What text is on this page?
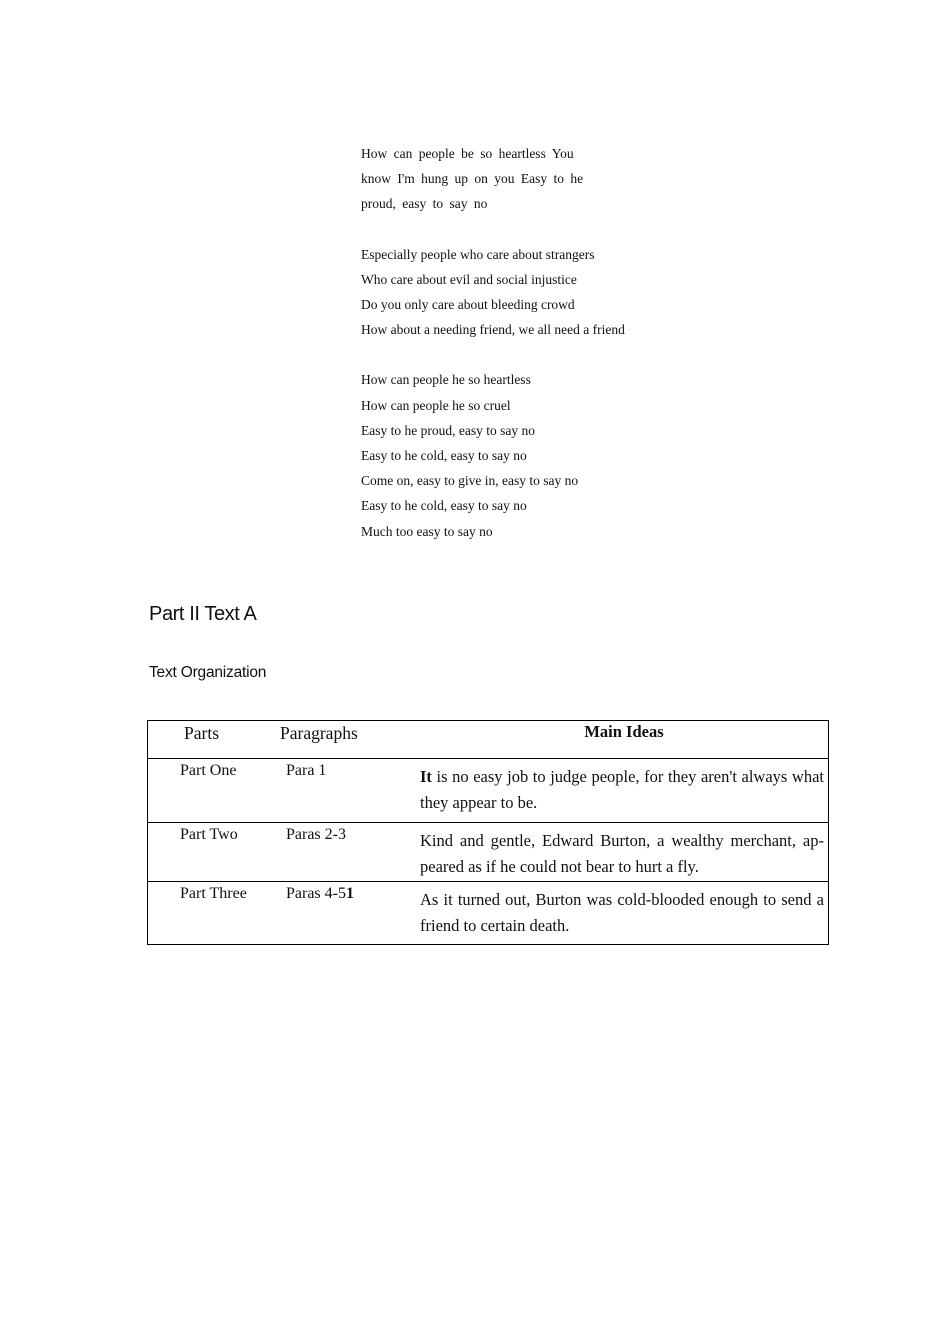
How can people be so heartless You
know I'm hung up on you Easy to he
proud, easy to say no
Especially people who care about strangers
Who care about evil and social injustice
Do you only care about bleeding crowd
How about a needing friend, we all need a friend
How can people he so heartless
How can people he so cruel
Easy to he proud, easy to say no
Easy to he cold, easy to say no
Come on, easy to give in, easy to say no
Easy to he cold, easy to say no
Much too easy to say no
Part II Text A
Text Organization
Parts	Paragraphs	Main Ideas
Part One	Para 1	It is no easy job to judge people, for they aren't always what they appear to be.
Part Two	Paras 2-3	Kind and gentle, Edward Burton, a wealthy merchant, ap-peared as if he could not bear to hurt a fly.
Part Three	Paras 4-51	As it turned out, Burton was cold-blooded enough to send a friend to certain death.
